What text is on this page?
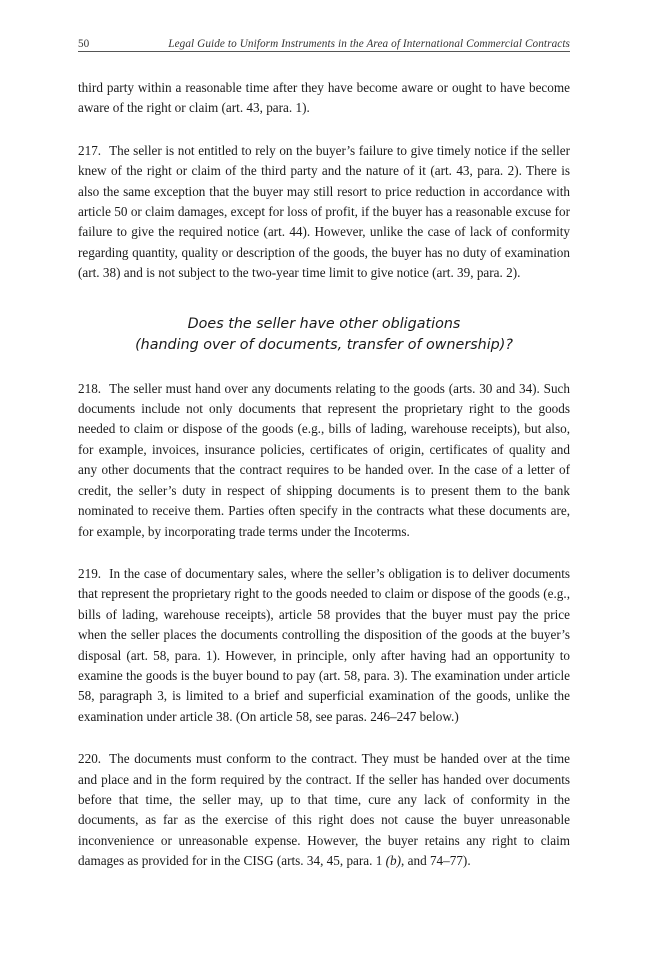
50	Legal Guide to Uniform Instruments in the Area of International Commercial Contracts

third party within a reasonable time after they have become aware or ought to have become aware of the right or claim (art. 43, para. 1).

217. The seller is not entitled to rely on the buyer’s failure to give timely notice if the seller knew of the right or claim of the third party and the nature of it (art. 43, para. 2). There is also the same exception that the buyer may still resort to price reduction in accordance with article 50 or claim damages, except for loss of profit, if the buyer has a reasonable excuse for failure to give the required notice (art. 44). However, unlike the case of lack of conformity regarding quantity, quality or description of the goods, the buyer has no duty of examination (art. 38) and is not subject to the two-year time limit to give notice (art. 39, para. 2).

Does the seller have other obligations
(handing over of documents, transfer of ownership)?

218. The seller must hand over any documents relating to the goods (arts. 30 and 34). Such documents include not only documents that represent the proprietary right to the goods needed to claim or dispose of the goods (e.g., bills of lading, warehouse receipts), but also, for example, invoices, insurance policies, certificates of origin, certificates of quality and any other documents that the contract requires to be handed over. In the case of a letter of credit, the seller’s duty in respect of shipping documents is to present them to the bank nominated to receive them. Parties often specify in the contracts what these documents are, for example, by incorporating trade terms under the Incoterms.

219. In the case of documentary sales, where the seller’s obligation is to deliver documents that represent the proprietary right to the goods needed to claim or dispose of the goods (e.g., bills of lading, warehouse receipts), article 58 provides that the buyer must pay the price when the seller places the documents controlling the disposition of the goods at the buyer’s disposal (art. 58, para. 1). However, in principle, only after having had an opportunity to examine the goods is the buyer bound to pay (art. 58, para. 3). The examination under article 58, paragraph 3, is limited to a brief and superficial examination of the goods, unlike the examination under article 38. (On article 58, see paras. 246–247 below.)

220. The documents must conform to the contract. They must be handed over at the time and place and in the form required by the contract. If the seller has handed over documents before that time, the seller may, up to that time, cure any lack of conformity in the documents, as far as the exercise of this right does not cause the buyer unreasonable inconvenience or unreasonable expense. However, the buyer retains any right to claim damages as provided for in the CISG (arts. 34, 45, para. 1 (b), and 74–77).
